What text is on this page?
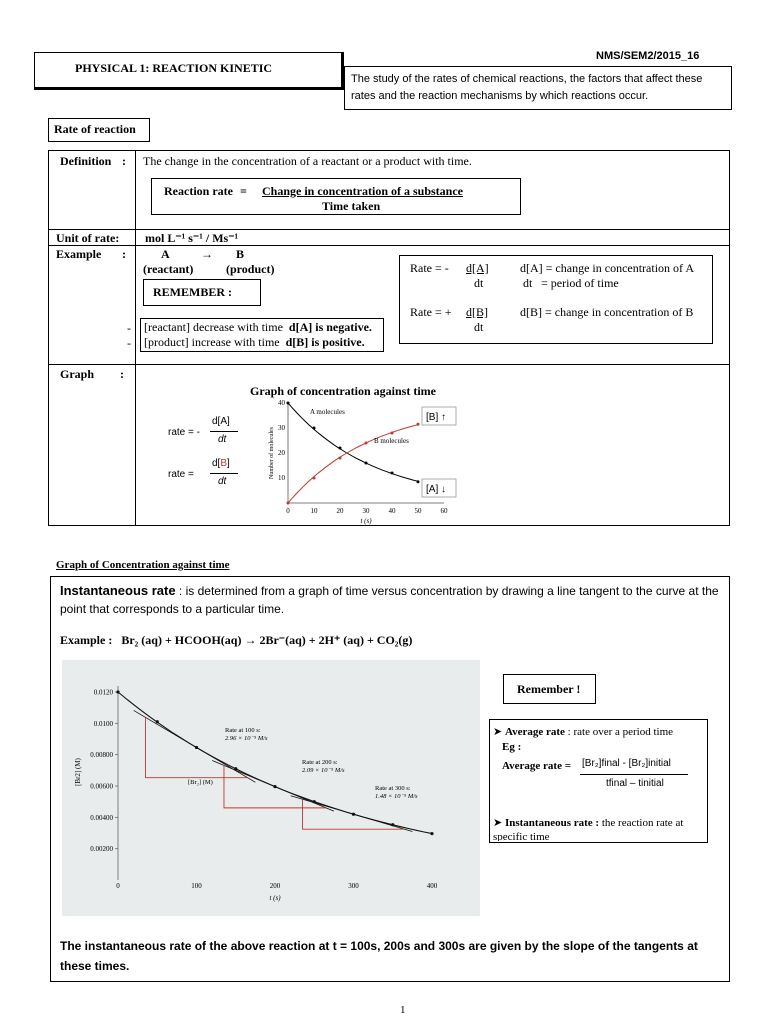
NMS/SEM2/2015_16
PHYSICAL 1: REACTION KINETIC
The study of the rates of chemical reactions, the factors that affect these rates and the reaction mechanisms by which reactions occur.
Rate of reaction
Definition : The change in the concentration of a reactant or a product with time.
Reaction rate = Change in concentration of a substance
Time taken
Unit of rate: mol L⁻¹ s⁻¹ / Ms⁻¹
Example :	A	→ B
(reactant)	(product)
REMEMBER :
-
-
[reactant] decrease with time d[A] is negative.
[product] increase with time d[B] is positive.
Rate = - d[A]
dt
d[A] = change in concentration of A
dt = period of time
Rate = + d[B]
dt
d[B] = change in concentration of B
Graph :
Graph of concentration against time
rate = -
d[A]
dt
rate =
d[B]
dt
0	10	20	30	40	50	60
10
20
30
40
t (s)
Number of molecules
A molecules
B molecules
[B] ↑
[A] ↓
Graph of Concentration against time
Instantaneous rate : is determined from a graph of time versus concentration by drawing a line tangent to the curve at the point that corresponds to a particular time.
Example : Br₂ (aq) + HCOOH(aq) → 2Br⁻(aq) + 2H⁺ (aq) + CO₂(g)
0.00200
0.00400
0.00600
0.00800
0.0100
0.0120
0	100	200	300	400
t (s)
[Br2] (M)
Rate at 100 s:
2.96 × 10⁻⁵ M/s
Rate at 200 s:
2.09 × 10⁻⁵ M/s
Rate at 300 s:
1.48 × 10⁻⁵ M/s
[Br₂] (M)
Remember !
➤ Average rate : rate over a period time
Eg :
Average rate = [Br₂]final - [Br₂]initial
tfinal – tinitial
➤ Instantaneous rate : the reaction rate at specific time
The instantaneous rate of the above reaction at t = 100s, 200s and 300s are given by the slope of the tangents at these times.
1
